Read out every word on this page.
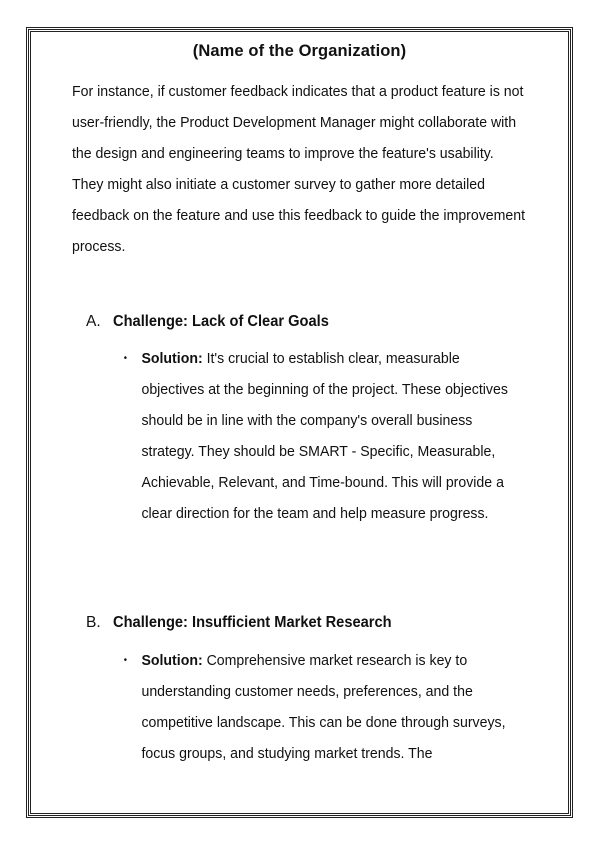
(Name of the Organization)

For instance, if customer feedback indicates that a product feature is not user-friendly, the Product Development Manager might collaborate with the design and engineering teams to improve the feature's usability. They might also initiate a customer survey to gather more detailed feedback on the feature and use this feedback to guide the improvement process.

A. Challenge: Lack of Clear Goals
• Solution: It's crucial to establish clear, measurable objectives at the beginning of the project. These objectives should be in line with the company's overall business strategy. They should be SMART - Specific, Measurable, Achievable, Relevant, and Time-bound. This will provide a clear direction for the team and help measure progress.

B. Challenge: Insufficient Market Research
• Solution: Comprehensive market research is key to understanding customer needs, preferences, and the competitive landscape. This can be done through surveys, focus groups, and studying market trends. The
